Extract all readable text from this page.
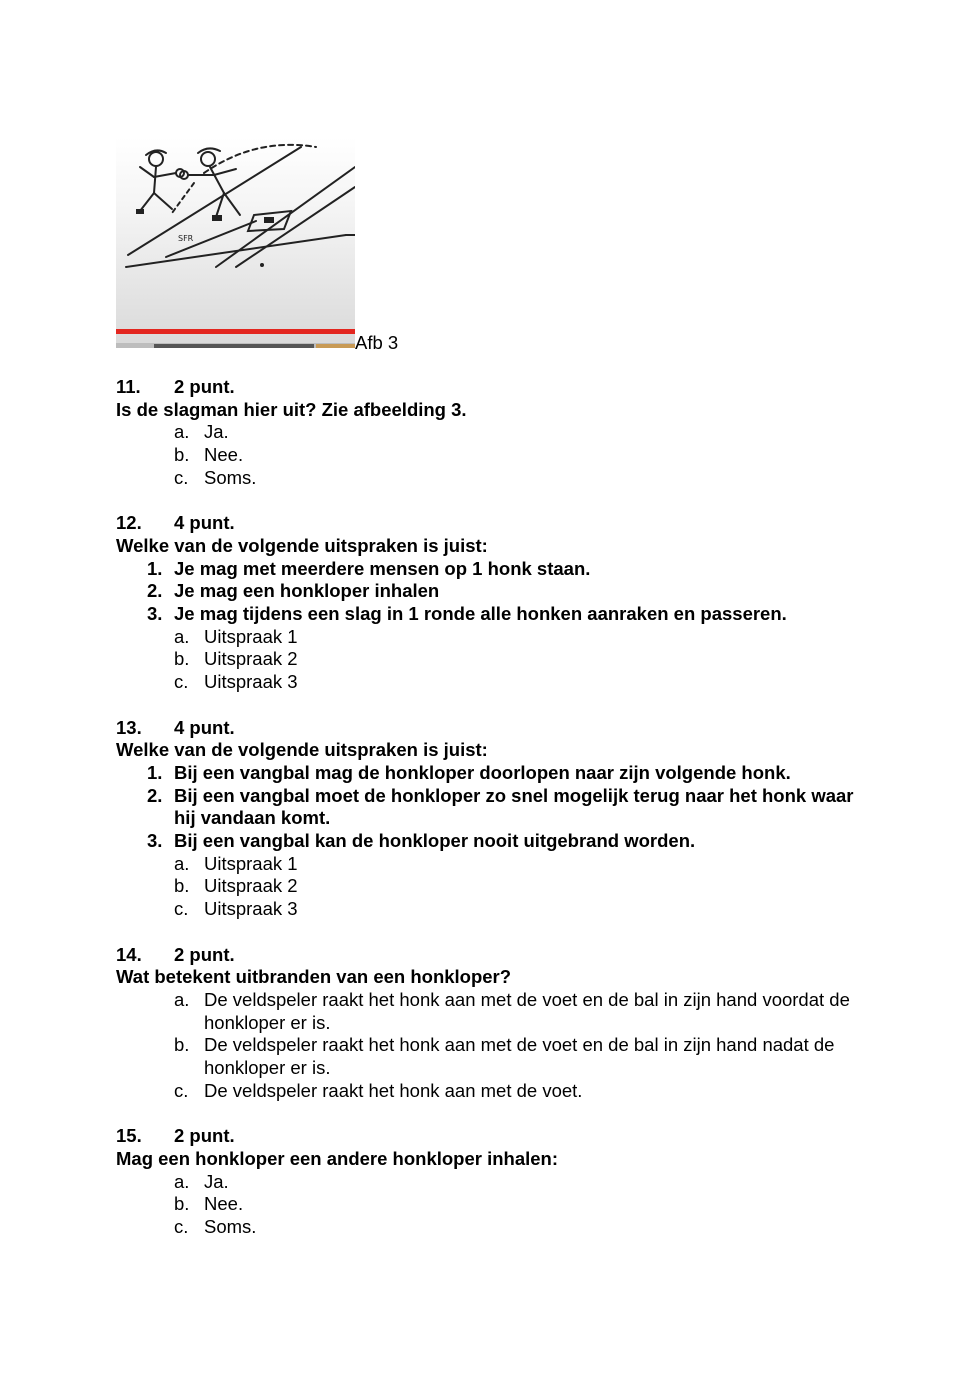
SFR
Afb 3
11.	2 punt.
Is de slagman hier uit? Zie afbeelding 3.
a. Ja.
b. Nee.
c. Soms.
12.	4 punt.
Welke van de volgende uitspraken is juist:
1. Je mag met meerdere mensen op 1 honk staan.
2. Je mag een honkloper inhalen
3. Je mag tijdens een slag in 1 ronde alle honken aanraken en passeren.
a. Uitspraak 1
b. Uitspraak 2
c. Uitspraak 3
13.	4 punt.
Welke van de volgende uitspraken is juist:
1. Bij een vangbal mag de honkloper doorlopen naar zijn volgende honk.
2. Bij een vangbal moet de honkloper zo snel mogelijk terug naar het honk waar hij vandaan komt.
3. Bij een vangbal kan de honkloper nooit uitgebrand worden.
a. Uitspraak 1
b. Uitspraak 2
c. Uitspraak 3
14.	2 punt.
Wat betekent uitbranden van een honkloper?
a. De veldspeler raakt het honk aan met de voet en de bal in zijn hand voordat de honkloper er is.
b. De veldspeler raakt het honk aan met de voet en de bal in zijn hand nadat de honkloper er is.
c. De veldspeler raakt het honk aan met de voet.
15.	2 punt.
Mag een honkloper een andere honkloper inhalen:
a. Ja.
b. Nee.
c. Soms.
